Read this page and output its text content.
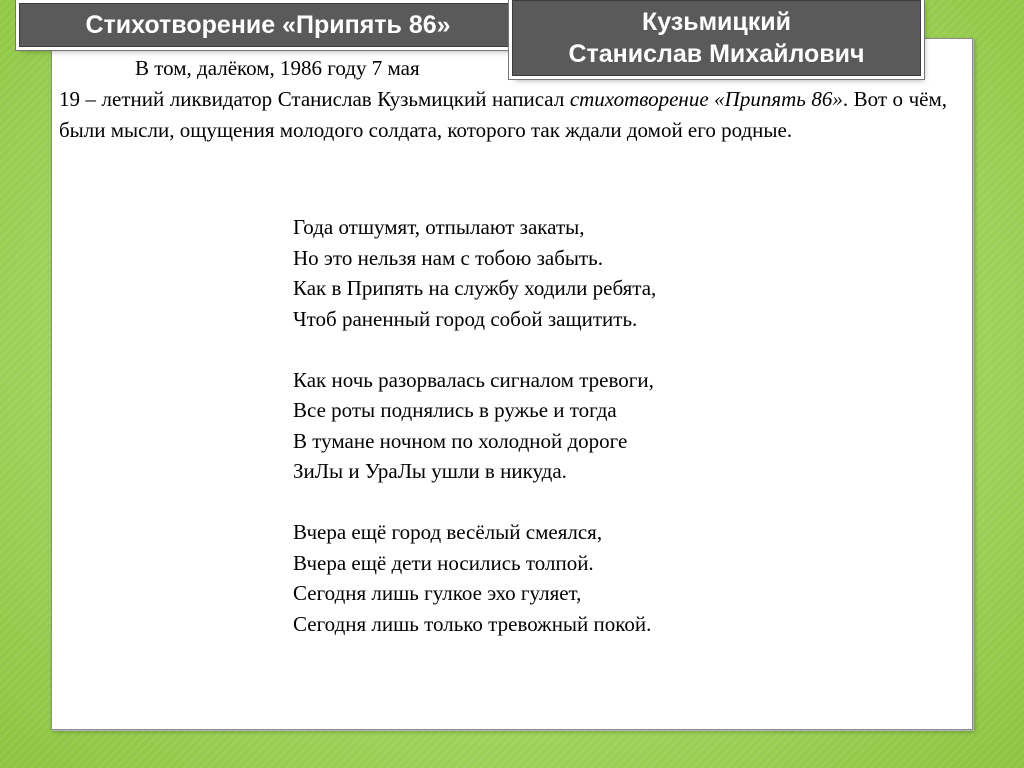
Стихотворение «Припять 86»	Кузьмицкий
Станислав Михайлович

В том, далёком, 1986 году 7 мая

19 – летний ликвидатор Станислав Кузьмицкий написал стихотворение «Припять 86». Вот о чём, были мысли, ощущения молодого солдата, которого так ждали домой его родные.

Года отшумят, отпылают закаты,
Но это нельзя нам с тобою забыть.
Как в Припять на службу ходили ребята,
Чтоб раненный город собой защитить.
Как ночь разорвалась сигналом тревоги,
Все роты поднялись в ружье и тогда
В тумане ночном по холодной дороге
ЗиЛы и УраЛы ушли в никуда.
Вчера ещё город весёлый смеялся,
Вчера ещё дети носились толпой.
Сегодня лишь гулкое эхо гуляет,
Сегодня лишь только тревожный покой.
